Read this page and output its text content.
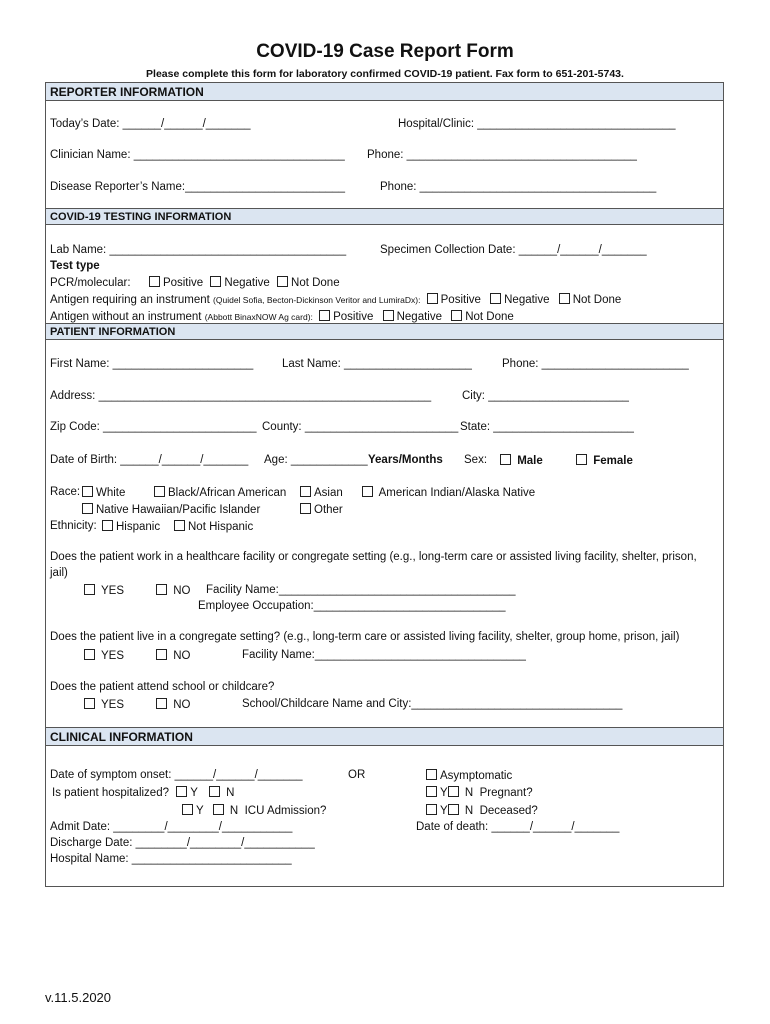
COVID-19 Case Report Form
Please complete this form for laboratory confirmed COVID-19 patient. Fax form to 651-201-5743.
REPORTER INFORMATION
Today’s Date: ______/______/_______	Hospital/Clinic: _______________________________
Clinician Name: _________________________________ Phone: ____________________________________
Disease Reporter’s Name:_________________________	Phone: _____________________________________
COVID-19 TESTING INFORMATION
Lab Name: _____________________________________	Specimen Collection Date: ______/______/_______
Test type
PCR/molecular:	Positive Negative Not Done
Antigen requiring an instrument (Quidel Sofia, Becton-Dickinson Veritor and LumiraDx): Positive Negative Not Done
Antigen without an instrument (Abbott BinaxNOW Ag card): Positive Negative Not Done
PATIENT INFORMATION
First Name: ______________________ Last Name: ____________________	Phone: _______________________
Address: ____________________________________________________	City: ______________________
Zip Code: ________________________ County: ________________________ State: ______________________
Date of Birth: ______/______/_______ Age: ____________ Years/Months Sex:	Male	Female
Race:	White	Black/African American	Asian	American Indian/Alaska Native
Native Hawaiian/Pacific Islander	Other
Ethnicity:	Hispanic	Not Hispanic
Does the patient work in a healthcare facility or congregate setting (e.g., long-term care or assisted living facility, shelter, prison,
jail)
YES	NO Facility Name:_____________________________________
Employee Occupation:______________________________
Does the patient live in a congregate setting? (e.g., long-term care or assisted living facility, shelter, group home, prison, jail)
YES	NO	Facility Name:_________________________________
Does the patient attend school or childcare?
YES	NO	School/Childcare Name and City:_________________________________
CLINICAL INFORMATION
Date of symptom onset: ______/______/_______	OR	Asymptomatic
Is patient hospitalized? Y N	Y N Pregnant?
Y N ICU Admission?	Y N Deceased?
Admit Date: ________/________/___________	Date of death: ______/______/_______
Discharge Date: ________/________/___________
Hospital Name: _________________________
v.11.5.2020
